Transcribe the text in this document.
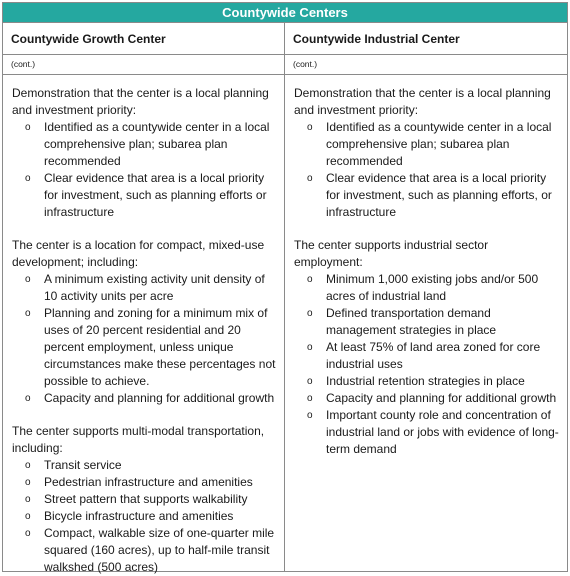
Countywide Centers
Countywide Growth Center
(cont.)

Demonstration that the center is a local planning and investment priority:

o Identified as a countywide center in a local comprehensive plan; subarea plan recommended
o Clear evidence that area is a local priority for investment, such as planning efforts or infrastructure

The center is a location for compact, mixed-use development; including:

o A minimum existing activity unit density of 10 activity units per acre
o Planning and zoning for a minimum mix of uses of 20 percent residential and 20 percent employment, unless unique circumstances make these percentages not possible to achieve.
o Capacity and planning for additional growth

The center supports multi-modal transportation, including:

o Transit service
o Pedestrian infrastructure and amenities
o Street pattern that supports walkability
o Bicycle infrastructure and amenities
o Compact, walkable size of one-quarter mile squared (160 acres), up to half-mile transit walkshed (500 acres)
Countywide Industrial Center
(cont.)

Demonstration that the center is a local planning and investment priority:

o Identified as a countywide center in a local comprehensive plan; subarea plan recommended
o Clear evidence that area is a local priority for investment, such as planning efforts, or infrastructure

The center supports industrial sector employment:

o Minimum 1,000 existing jobs and/or 500 acres of industrial land
o Defined transportation demand management strategies in place
o At least 75% of land area zoned for core industrial uses
o Industrial retention strategies in place
o Capacity and planning for additional growth
o Important county role and concentration of industrial land or jobs with evidence of long-term demand
